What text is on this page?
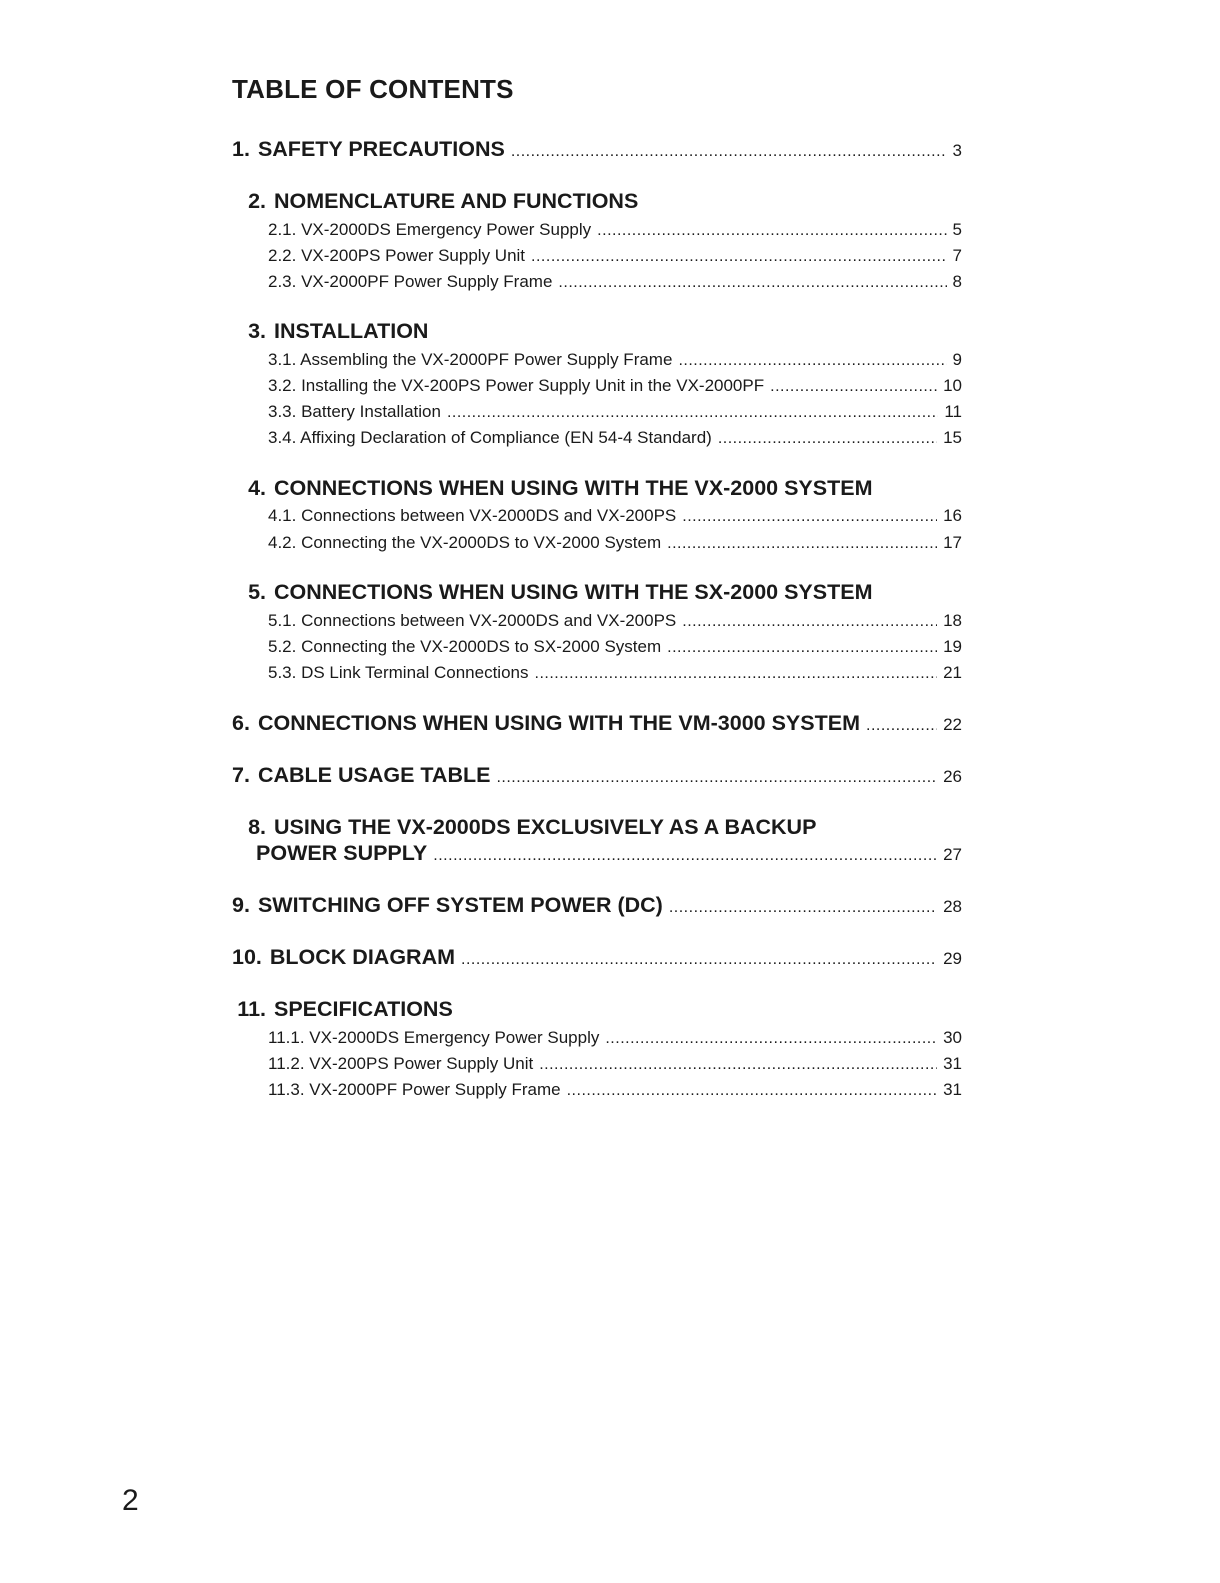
TABLE OF CONTENTS
1. SAFETY PRECAUTIONS .....	3
2. NOMENCLATURE AND FUNCTIONS
2.1. VX-2000DS Emergency Power Supply .....	5
2.2. VX-200PS Power Supply Unit .....	7
2.3. VX-2000PF Power Supply Frame .....	8
3. INSTALLATION
3.1. Assembling the VX-2000PF Power Supply Frame .....	9
3.2. Installing the VX-200PS Power Supply Unit in the VX-2000PF .....	10
3.3. Battery Installation .....	11
3.4. Affixing Declaration of Compliance (EN 54-4 Standard) .....	15
4. CONNECTIONS WHEN USING WITH THE VX-2000 SYSTEM
4.1. Connections between VX-2000DS and VX-200PS .....	16
4.2. Connecting the VX-2000DS to VX-2000 System .....	17
5. CONNECTIONS WHEN USING WITH THE SX-2000 SYSTEM
5.1. Connections between VX-2000DS and VX-200PS .....	18
5.2. Connecting the VX-2000DS to SX-2000 System .....	19
5.3. DS Link Terminal Connections .....	21
6. CONNECTIONS WHEN USING WITH THE VM-3000 SYSTEM .....	22
7. CABLE USAGE TABLE .....	26
8. USING THE VX-2000DS EXCLUSIVELY AS A BACKUP
POWER SUPPLY .....	27
9. SWITCHING OFF SYSTEM POWER (DC) .....	28
10. BLOCK DIAGRAM .....	29
11. SPECIFICATIONS
11.1. VX-2000DS Emergency Power Supply .....	30
11.2. VX-200PS Power Supply Unit .....	31
11.3. VX-2000PF Power Supply Frame .....	31
2
